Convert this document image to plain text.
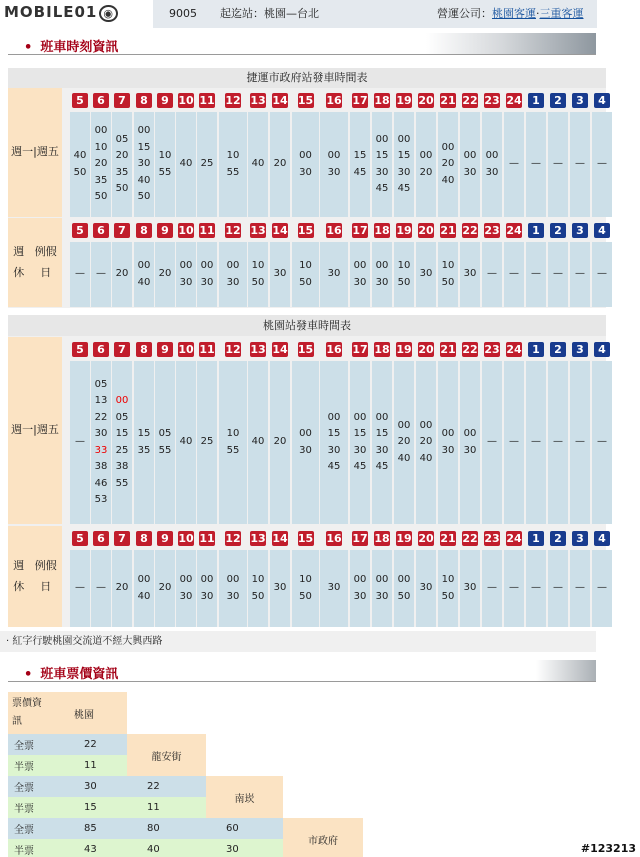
MOBILE01 ◉	9005 起迄站：桃園—台北	營運公司：桃園客運·三重客運
• 班車時刻資訊
捷運市政府站發車時間表
週一 | 週五
5
40
50
6
00
10
20
35
50
7
05
20
35
50
8
00
15
30
40
50
9
10
55
10
40
11
25
12
10
55
13
40
14
20
15
00
30
16
00
30
17
15
45
18
00
15
30
45
19
00
15
30
45
20
00
20
21
00
20
40
22
00
30
23
00
30
24
—
1
—
2
—
3
—
4
—
週休
例假日
5
—
6
—
7
20
8
00
40
9
20
10
00
30
11
00
30
12
00
30
13
10
50
14
30
15
10
50
16
30
17
00
30
18
00
30
19
10
50
20
30
21
10
50
22
30
23
—
24
—
1
—
2
—
3
—
4
—
桃園站發車時間表
週一 | 週五
5
—
6
05
13
22
30
33
38
46
53
7
00
05
15
25
38
55
8
15
35
9
05
55
10
40
11
25
12
10
55
13
40
14
20
15
00
30
16
00
15
30
45
17
00
15
30
45
18
00
15
30
45
19
00
20
40
20
00
20
40
21
00
30
22
00
30
23
—
24
—
1
—
2
—
3
—
4
—
週休
例假日
5
—
6
—
7
20
8
00
40
9
20
10
00
30
11
00
30
12
00
30
13
10
50
14
30
15
10
50
16
30
17
00
30
18
00
30
19
00
50
20
30
21
10
50
22
30
23
—
24
—
1
—
2
—
3
—
4
—
· 紅字行駛桃園交流道不經大興西路
• 班車票價資訊
票價資
訊
桃園
全票
半票
22
11
龍安街
全票
半票
30
15
22
11
南崁
全票
半票
85
43
80
40
60
30
市政府
#123213
